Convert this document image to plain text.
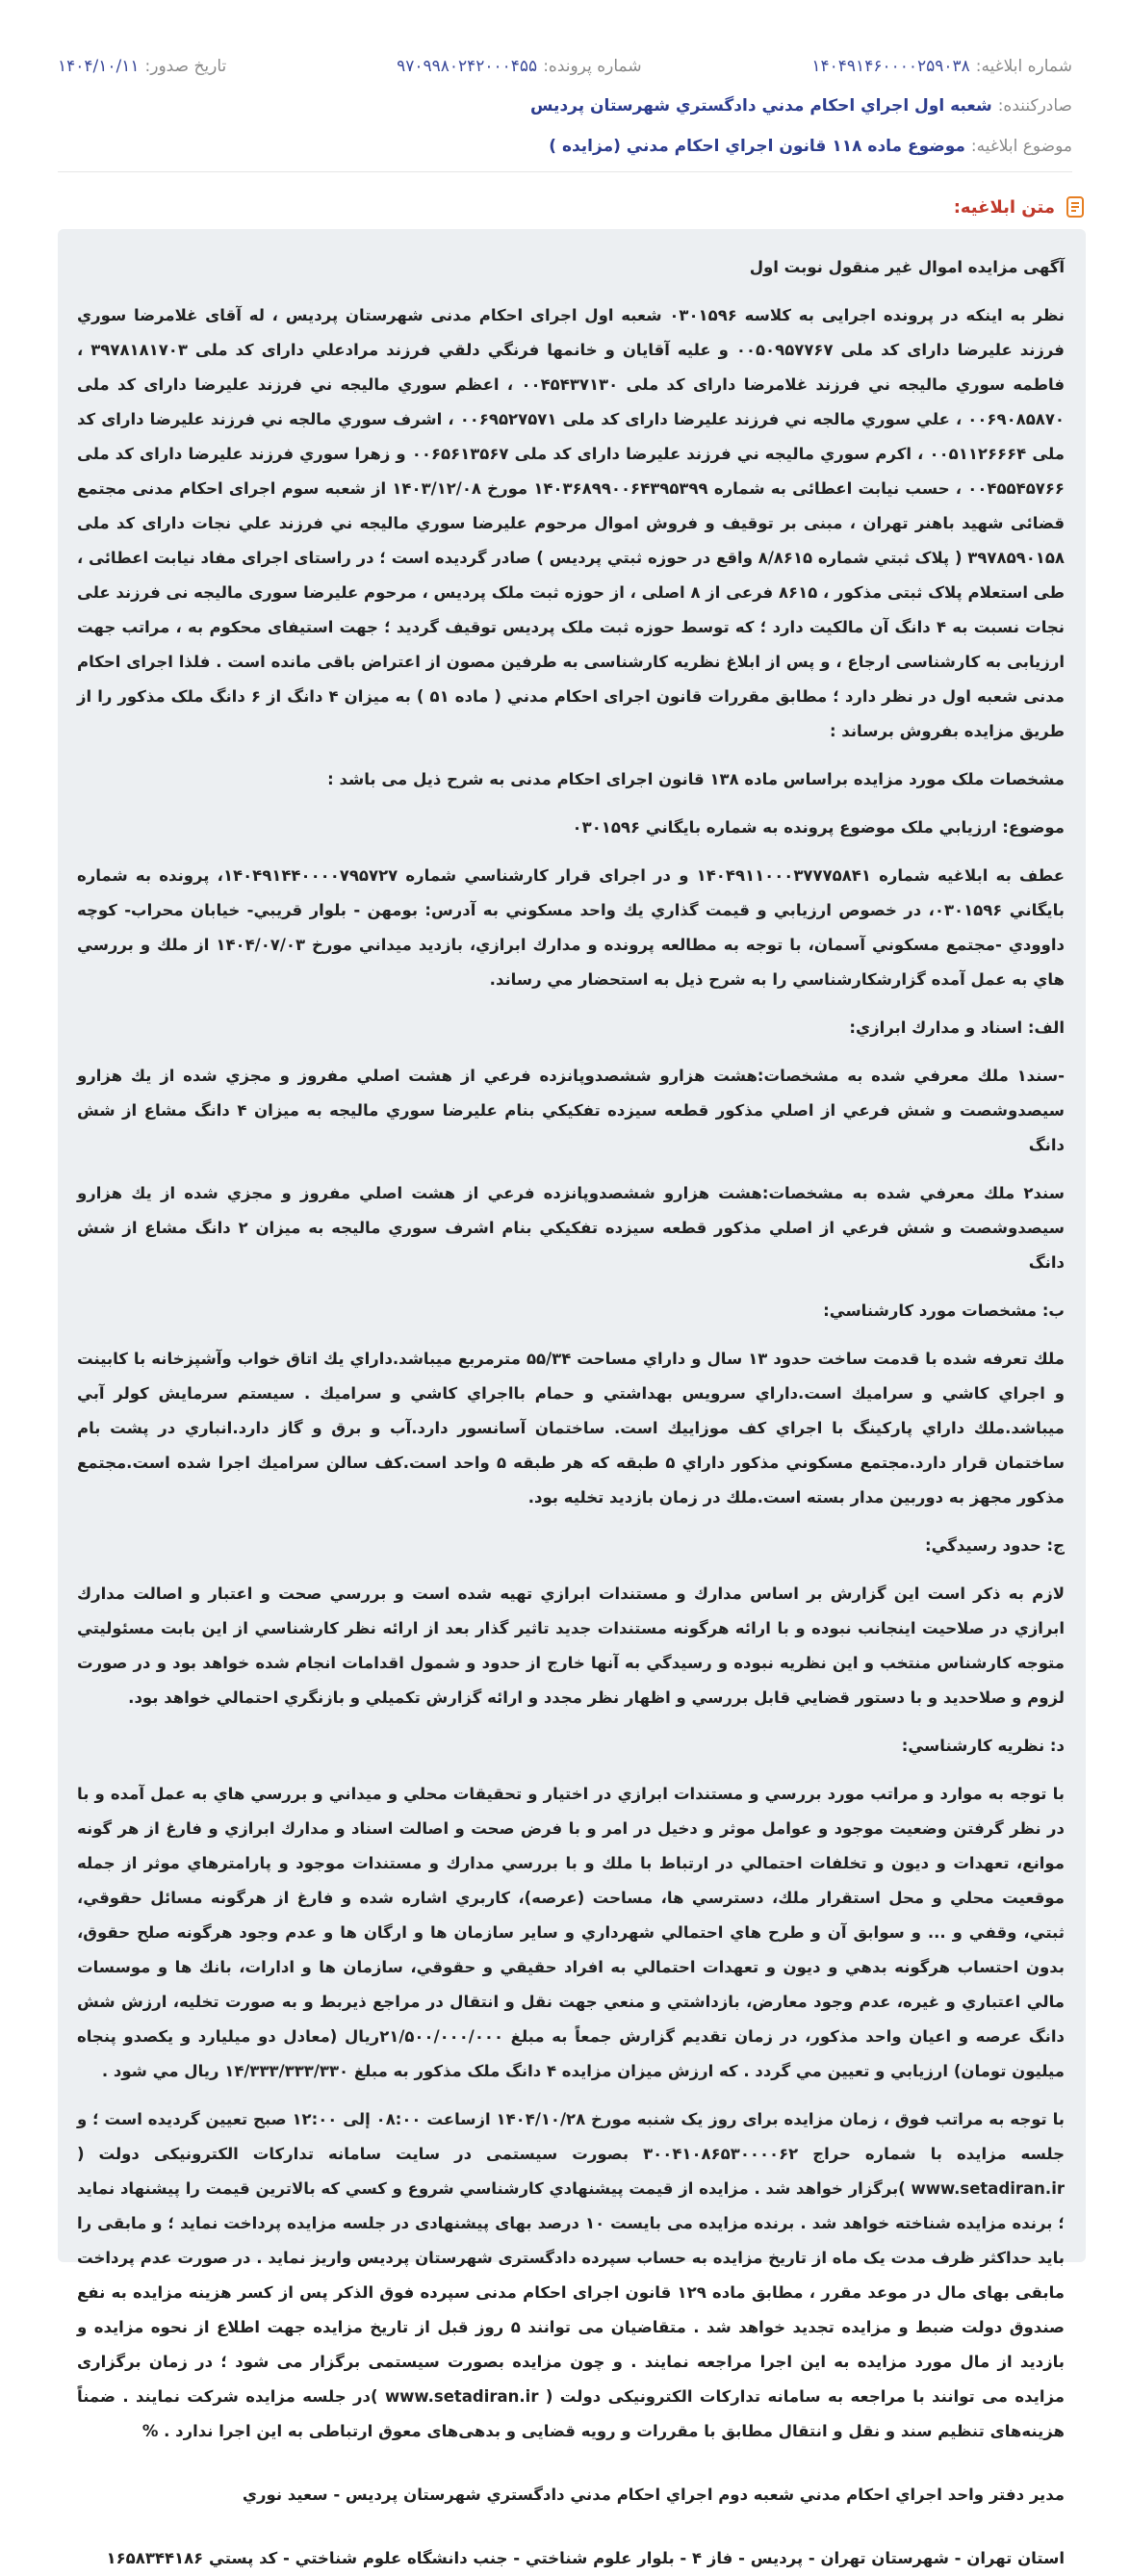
شماره ابلاغیه:
۱۴۰۴۹۱۴۶۰۰۰۰۲۵۹۰۳۸
شماره پرونده:
۹۷۰۹۹۸۰۲۴۲۰۰۰۴۵۵
تاریخ صدور:
۱۴۰۴/۱۰/۱۱
صادرکننده:
شعبه اول اجراي احکام مدني دادگستري شهرستان پرديس
موضوع ابلاغیه:
موضوع ماده ۱۱۸ قانون اجراي احكام مدني (مزايده )
متن ابلاغیه:

آگهی مزایده اموال غیر منقول نوبت اول

نظر به اینکه در پرونده اجرایی به کلاسه ۰۳۰۱۵۹۶ شعبه اول اجرای احکام مدنی شهرستان پردیس ، له آقای غلامرضا سوري فرزند علیرضا دارای کد ملی ۰۰۵۰۹۵۷۷۶۷ و علیه آقایان و خانمها فرنگي دلقي فرزند مرادعلي دارای کد ملی ۳۹۷۸۱۸۱۷۰۳ ، فاطمه سوري ماليجه ني فرزند غلامرضا دارای کد ملی ۰۰۴۵۴۳۷۱۳۰ ، اعظم سوري ماليجه ني فرزند عليرضا دارای کد ملی ۰۰۶۹۰۸۵۸۷۰ ، علي سوري مالجه ني فرزند عليرضا دارای کد ملی ۰۰۶۹۵۲۷۵۷۱ ، اشرف سوري مالجه ني فرزند عليرضا دارای کد ملی ۰۰۵۱۱۲۶۶۶۴ ، اكرم سوري ماليجه ني فرزند عليرضا دارای کد ملی ۰۰۶۵۶۱۳۵۶۷ و زهرا سوري فرزند عليرضا دارای کد ملی ۰۰۴۵۵۴۵۷۶۶ ، حسب نیابت اعطائی به شماره ۱۴۰۳۶۸۹۹۰۰۶۴۳۹۵۳۹۹ مورخ ۱۴۰۳/۱۲/۰۸ از شعبه سوم اجرای احکام مدنی مجتمع قضائی شهید باهنر تهران ، مبنی بر توقیف و فروش اموال مرحوم علیرضا سوري ماليجه ني فرزند علي نجات دارای کد ملی ۳۹۷۸۵۹۰۱۵۸ ( پلاک ثبتي شماره ۸/۸۶۱۵ واقع در حوزه ثبتي پرديس ) صادر گردیده است ؛ در راستای اجرای مفاد نیابت اعطائی ، طی استعلام پلاک ثبتی مذکور ، ۸۶۱۵ فرعی از ۸ اصلی ، از حوزه ثبت ملک پردیس ، مرحوم علیرضا سوری مالیجه نی فرزند علی نجات نسبت به ۴ دانگ آن مالکیت دارد ؛ که توسط حوزه ثبت ملک پردیس توقیف گردید ؛ جهت استیفای محکوم به ، مراتب جهت ارزیابی به کارشناسی ارجاع ، و پس از ابلاغ نظریه کارشناسی به طرفین مصون از اعتراض باقی مانده است . فلذا اجرای احکام مدنی شعبه اول در نظر دارد ؛ مطابق مقررات قانون اجرای احکام مدني ( ماده ۵۱ ) به میزان ۴ دانگ از ۶ دانگ ملک مذکور را از طريق مزايده بفروش برساند :

مشخصات ملک مورد مزایده براساس ماده ۱۳۸ قانون اجرای احکام مدنی به شرح ذیل می باشد :

موضوع: ارزيابي ملک موضوع پرونده به شماره بايگاني ۰۳۰۱۵۹۶

عطف به ابلاغيه شماره ۱۴۰۴۹۱۱۰۰۰۳۷۷۷۵۸۴۱ و در اجرای قرار كارشناسي شماره ۱۴۰۴۹۱۴۴۰۰۰۰۷۹۵۷۲۷، پرونده به شماره بايگاني ۰۳۰۱۵۹۶، در خصوص ارزيابي و قيمت گذاري يك واحد مسكوني به آدرس: بومهن - بلوار قريبي- خيابان محراب- كوچه داوودي -مجتمع مسكوني آسمان، با توجه به مطالعه پرونده و مدارك ابرازي، بازديد ميداني مورخ ۱۴۰۴/۰۷/۰۳ از ملك و بررسي هاي به عمل آمده گزارشكارشناسي را به شرح ذيل به استحضار مي رساند.

الف: اسناد و مدارك ابرازي:

-سند۱ ملك معرفي شده به مشخصات:هشت هزارو ششصدوپانزده فرعي از هشت اصلي مفروز و مجزي شده از يك هزارو سيصدوشصت و شش فرعي از اصلي مذكور قطعه سيزده تفكيكي بنام عليرضا سوري ماليجه به ميزان ۴ دانگ مشاع از شش دانگ

سند۲ ملك معرفي شده به مشخصات:هشت هزارو ششصدوپانزده فرعي از هشت اصلي مفروز و مجزي شده از يك هزارو سيصدوشصت و شش فرعي از اصلي مذكور قطعه سيزده تفكيكي بنام اشرف سوري ماليجه به ميزان ۲ دانگ مشاع از شش دانگ

ب: مشخصات مورد كارشناسي:

ملك تعرفه شده با قدمت ساخت حدود ۱۳ سال و داراي مساحت ۵۵/۳۴ مترمربع ميباشد.داراي يك اتاق خواب وآشپزخانه با كابينت و اجراي كاشي و سراميك است.داراي سرويس بهداشتي و حمام بااجراي كاشي و سراميك . سيستم سرمايش كولر آبي ميباشد.ملك داراي پاركينگ با اجراي كف موزاييك است. ساختمان آسانسور دارد.آب و برق و گاز دارد.انباري در پشت بام ساختمان قرار دارد.مجتمع مسكوني مذكور داراي ۵ طبقه كه هر طبقه ۵ واحد است.كف سالن سراميك اجرا شده است.مجتمع مذكور مجهز به دوربين مدار بسته است.ملك در زمان بازديد تخليه بود.

ج: حدود رسيدگي:

لازم به ذكر است اين گزارش بر اساس مدارك و مستندات ابرازي تهيه شده است و بررسي صحت و اعتبار و اصالت مدارك ابرازي در صلاحيت اينجانب نبوده و با ارائه هرگونه مستندات جديد تاثير گذار بعد از ارائه نظر كارشناسي از اين بابت مسئوليتي متوجه كارشناس منتخب و اين نظريه نبوده و رسيدگي به آنها خارج از حدود و شمول اقدامات انجام شده خواهد بود و در صورت لزوم و صلاحديد و با دستور قضايي قابل بررسي و اظهار نظر مجدد و ارائه گزارش تكميلي و بازنگري احتمالي خواهد بود.

د: نظريه كارشناسي:

با توجه به موارد و مراتب مورد بررسي و مستندات ابرازي در اختيار و تحقيقات محلي و ميداني و بررسي هاي به عمل آمده و با در نظر گرفتن وضعيت موجود و عوامل موثر و دخيل در امر و با فرض صحت و اصالت اسناد و مدارك ابرازي و فارغ از هر گونه موانع، تعهدات و ديون و تخلفات احتمالي در ارتباط با ملك و با بررسي مدارك و مستندات موجود و پارامترهاي موثر از جمله موقعيت محلي و محل استقرار ملك، دسترسي ها، مساحت (عرصه)، كاربري اشاره شده و فارغ از هرگونه مسائل حقوقي، ثبتي، وقفي و ... و سوابق آن و طرح هاي احتمالي شهرداري و ساير سازمان ها و ارگان ها و عدم وجود هرگونه صلح حقوق، بدون احتساب هرگونه بدهي و ديون و تعهدات احتمالي به افراد حقيقي و حقوقي، سازمان ها و ادارات، بانك ها و موسسات مالي اعتباري و غيره، عدم وجود معارض، بازداشتي و منعي جهت نقل و انتقال در مراجع ذيربط و به صورت تخليه، ارزش شش دانگ عرصه و اعيان واحد مذكور، در زمان تقديم گزارش جمعاً به مبلغ ۲۱/۵۰۰/۰۰۰/۰۰۰ريال (معادل دو ميليارد و يكصدو پنجاه ميليون تومان) ارزيابي و تعيين مي گردد . كه ارزش ميزان مزايده ۴ دانگ ملک مذکور به مبلغ ۱۴/۳۳۳/۳۳۳/۳۳۰ ريال مي شود .

با توجه به مراتب فوق ، زمان مزایده برای روز یک شنبه مورخ ۱۴۰۴/۱۰/۲۸ ازساعت ۰۸:۰۰ إلى ۱۲:۰۰ صبح تعیین گردیده است ؛ و جلسه مزایده با شماره حراج ۳۰۰۴۱۰۸۶۵۳۰۰۰۰۶۲ بصورت سیستمی در سایت سامانه تدارکات الکترونیکی دولت ( www.setadiran.ir )برگزار خواهد شد . مزايده از قيمت پيشنهادي كارشناسي شروع و كسي كه بالاترين قيمت را پيشنهاد نمايد ؛ برنده مزايده شناخته خواهد شد . برنده مزایده می بایست ۱۰ درصد بهای پیشنهادی در جلسه مزايده پرداخت نماید ؛ و مابقی را بايد حداكثر ظرف مدت یک ماه از تاریخ مزایده به حساب سپرده دادگستری شهرستان پردیس واريز نمايد . در صورت عدم پرداخت مابقی بهای مال در موعد مقرر ، مطابق ماده ۱۲۹ قانون اجرای احکام مدنی سپرده فوق الذکر پس از کسر هزینه مزایده به نفع صندوق دولت ضبط و مزايده تجديد خواهد شد . متقاضیان می توانند ۵ روز قبل از تاریخ مزایده جهت اطلاع از نحوه مزایده و بازدید از مال مورد مزایده به این اجرا مراجعه نمایند . و چون مزایده بصورت سیستمی برگزار می شود ؛ در زمان برگزاری مزایده می توانند با مراجعه به سامانه تدارکات الکترونیکی دولت ( www.setadiran.ir )در جلسه مزايده شركت نمايند . ضمناً هزینه‌های تنظیم سند و نقل و انتقال مطابق با مقررات و رویه قضایی و بدهی‌های معوق ارتباطی به این اجرا ندارد . %

مدير دفتر واحد اجراي احكام مدني شعبه دوم اجراي احكام مدني دادگستري شهرستان پرديس - سعيد نوري

استان تهران - شهرستان تهران - پرديس - فاز ۴ - بلوار علوم شناختي - جنب دانشگاه علوم شناختي - كد پستي ۱۶۵۸۳۴۴۱۸۶
